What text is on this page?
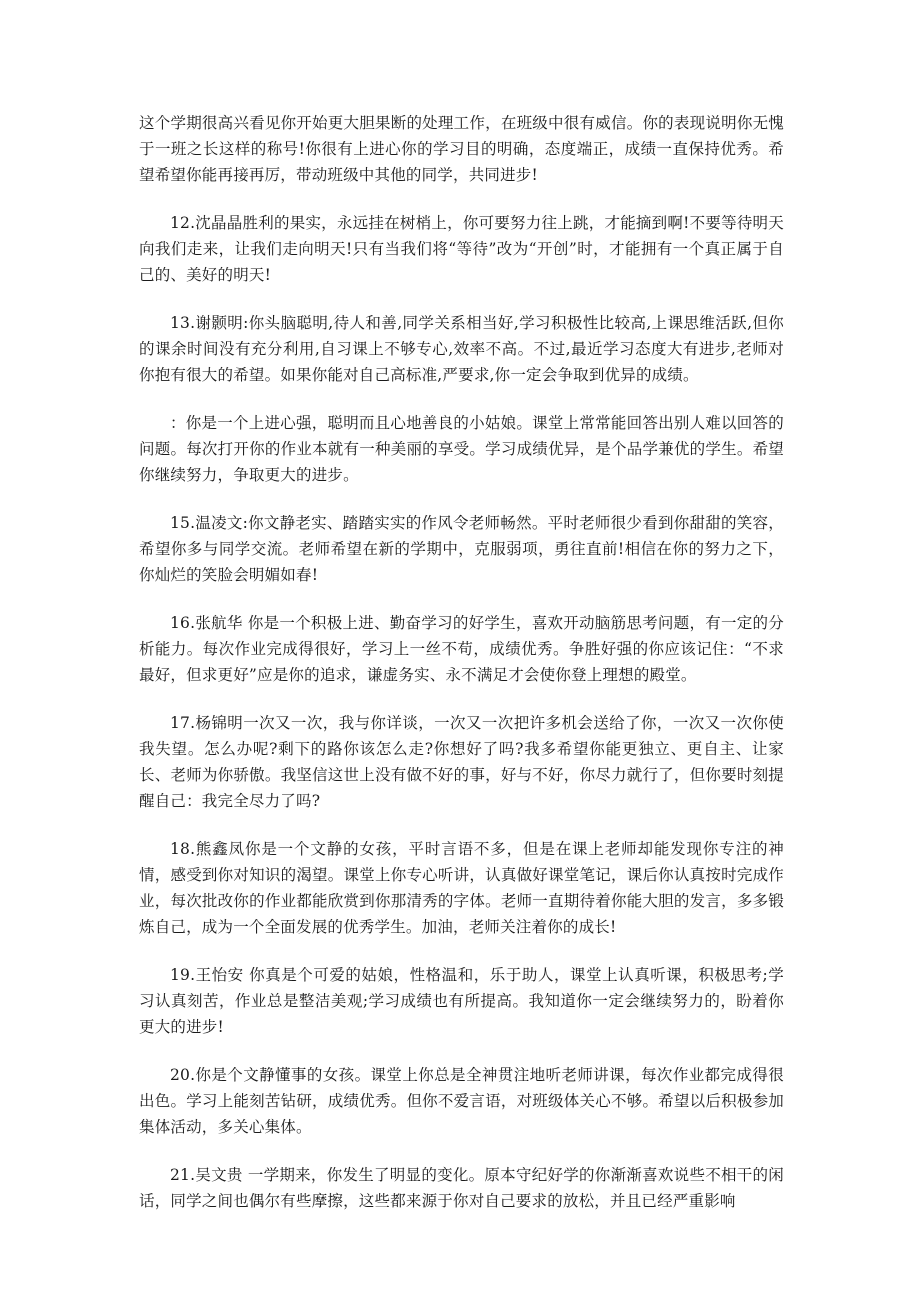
这个学期很高兴看见你开始更大胆果断的处理工作，在班级中很有威信。你的表现说明你无愧于一班之长这样的称号!你很有上进心你的学习目的明确，态度端正，成绩一直保持优秀。希望希望你能再接再厉，带动班级中其他的同学，共同进步!

12.沈晶晶胜利的果实，永远挂在树梢上，你可要努力往上跳，才能摘到啊!不要等待明天向我们走来，让我们走向明天!只有当我们将“等待”改为“开创”时，才能拥有一个真正属于自己的、美好的明天!

13.谢颢明:你头脑聪明,待人和善,同学关系相当好,学习积极性比较高,上课思维活跃,但你的课余时间没有充分利用,自习课上不够专心,效率不高。不过,最近学习态度大有进步,老师对你抱有很大的希望。如果你能对自己高标准,严要求,你一定会争取到优异的成绩。

：你是一个上进心强，聪明而且心地善良的小姑娘。课堂上常常能回答出别人难以回答的问题。每次打开你的作业本就有一种美丽的享受。学习成绩优异，是个品学兼优的学生。希望你继续努力，争取更大的进步。

15.温凌文:你文静老实、踏踏实实的作风令老师畅然。平时老师很少看到你甜甜的笑容，希望你多与同学交流。老师希望在新的学期中，克服弱项，勇往直前!相信在你的努力之下，你灿烂的笑脸会明媚如春!

16.张航华 你是一个积极上进、勤奋学习的好学生，喜欢开动脑筋思考问题，有一定的分析能力。每次作业完成得很好，学习上一丝不苟，成绩优秀。争胜好强的你应该记住：“不求最好，但求更好”应是你的追求，谦虚务实、永不满足才会使你登上理想的殿堂。

17.杨锦明一次又一次，我与你详谈，一次又一次把许多机会送给了你，一次又一次你使我失望。怎么办呢?剩下的路你该怎么走?你想好了吗?我多希望你能更独立、更自主、让家长、老师为你骄傲。我坚信这世上没有做不好的事，好与不好，你尽力就行了，但你要时刻提醒自己：我完全尽力了吗?

18.熊鑫凤你是一个文静的女孩，平时言语不多，但是在课上老师却能发现你专注的神情，感受到你对知识的渴望。课堂上你专心听讲，认真做好课堂笔记，课后你认真按时完成作业，每次批改你的作业都能欣赏到你那清秀的字体。老师一直期待着你能大胆的发言，多多锻炼自己，成为一个全面发展的优秀学生。加油，老师关注着你的成长!

19.王怡安 你真是个可爱的姑娘，性格温和，乐于助人，课堂上认真听课，积极思考;学习认真刻苦，作业总是整洁美观;学习成绩也有所提高。我知道你一定会继续努力的，盼着你更大的进步!

20.你是个文静懂事的女孩。课堂上你总是全神贯注地听老师讲课，每次作业都完成得很出色。学习上能刻苦钻研，成绩优秀。但你不爱言语，对班级体关心不够。希望以后积极参加集体活动，多关心集体。

21.吴文贵 一学期来，你发生了明显的变化。原本守纪好学的你渐渐喜欢说些不相干的闲话，同学之间也偶尔有些摩擦，这些都来源于你对自己要求的放松，并且已经严重影响
